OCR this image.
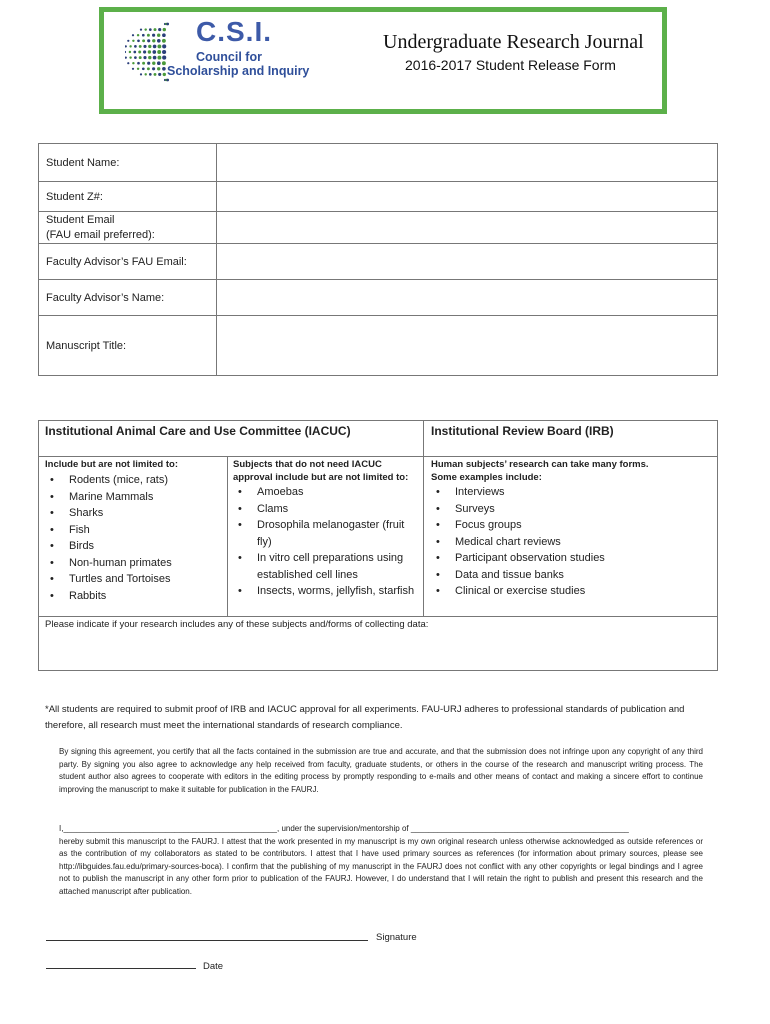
C.S.I.
Council for
Scholarship and Inquiry
Undergraduate Research Journal
2016-2017 Student Release Form
Student Name:	
Student Z#:	
Student Email
(FAU email preferred):	
Faculty Advisor’s FAU Email:	
Faculty Advisor’s Name:	
Manuscript Title:	
Institutional Animal Care and Use Committee (IACUC)	Institutional Review Board (IRB)
Include but are not limited to:
• Rodents (mice, rats)
• Marine Mammals
• Sharks
• Fish
• Birds
• Non-human primates
• Turtles and Tortoises
• Rabbits
Subjects that do not need IACUC
approval include but are not limited to:
• Amoebas
• Clams
• Drosophila melanogaster (fruit fly)
• In vitro cell preparations using established cell lines
• Insects, worms, jellyfish, starfish
Human subjects’ research can take many forms.
Some examples include:
• Interviews
• Surveys
• Focus groups
• Medical chart reviews
• Participant observation studies
• Data and tissue banks
• Clinical or exercise studies
Please indicate if your research includes any of these subjects and/forms of collecting data:
*All students are required to submit proof of IRB and IACUC approval for all experiments. FAU-URJ adheres to professional standards of publication and therefore, all research must meet the international standards of research compliance.
By signing this agreement, you certify that all the facts contained in the submission are true and accurate, and that the submission does not infringe upon any copyright of any third party. By signing you also agree to acknowledge any help received from faculty, graduate students, or others in the course of the research and manuscript writing process. The student author also agrees to cooperate with editors in the editing process by promptly responding to e-mails and other means of contact and making a sincere effort to continue improving the manuscript to make it suitable for publication in the FAURJ.
I,________________________________________________, under the supervision/mentorship of _________________________________________________
hereby submit this manuscript to the FAURJ. I attest that the work presented in my manuscript is my own original research unless otherwise acknowledged as outside references or as the contribution of my collaborators as stated to be contributors. I attest that I have used primary sources as references (for information about primary sources, please see http://libguides.fau.edu/primary-sources-boca). I confirm that the publishing of my manuscript in the FAURJ does not conflict with any other copyrights or legal bindings and I agree not to publish the manuscript in any other form prior to publication of the FAURJ. However, I do understand that I will retain the right to publish and present this research and the attached manuscript after publication.
Signature
Date
